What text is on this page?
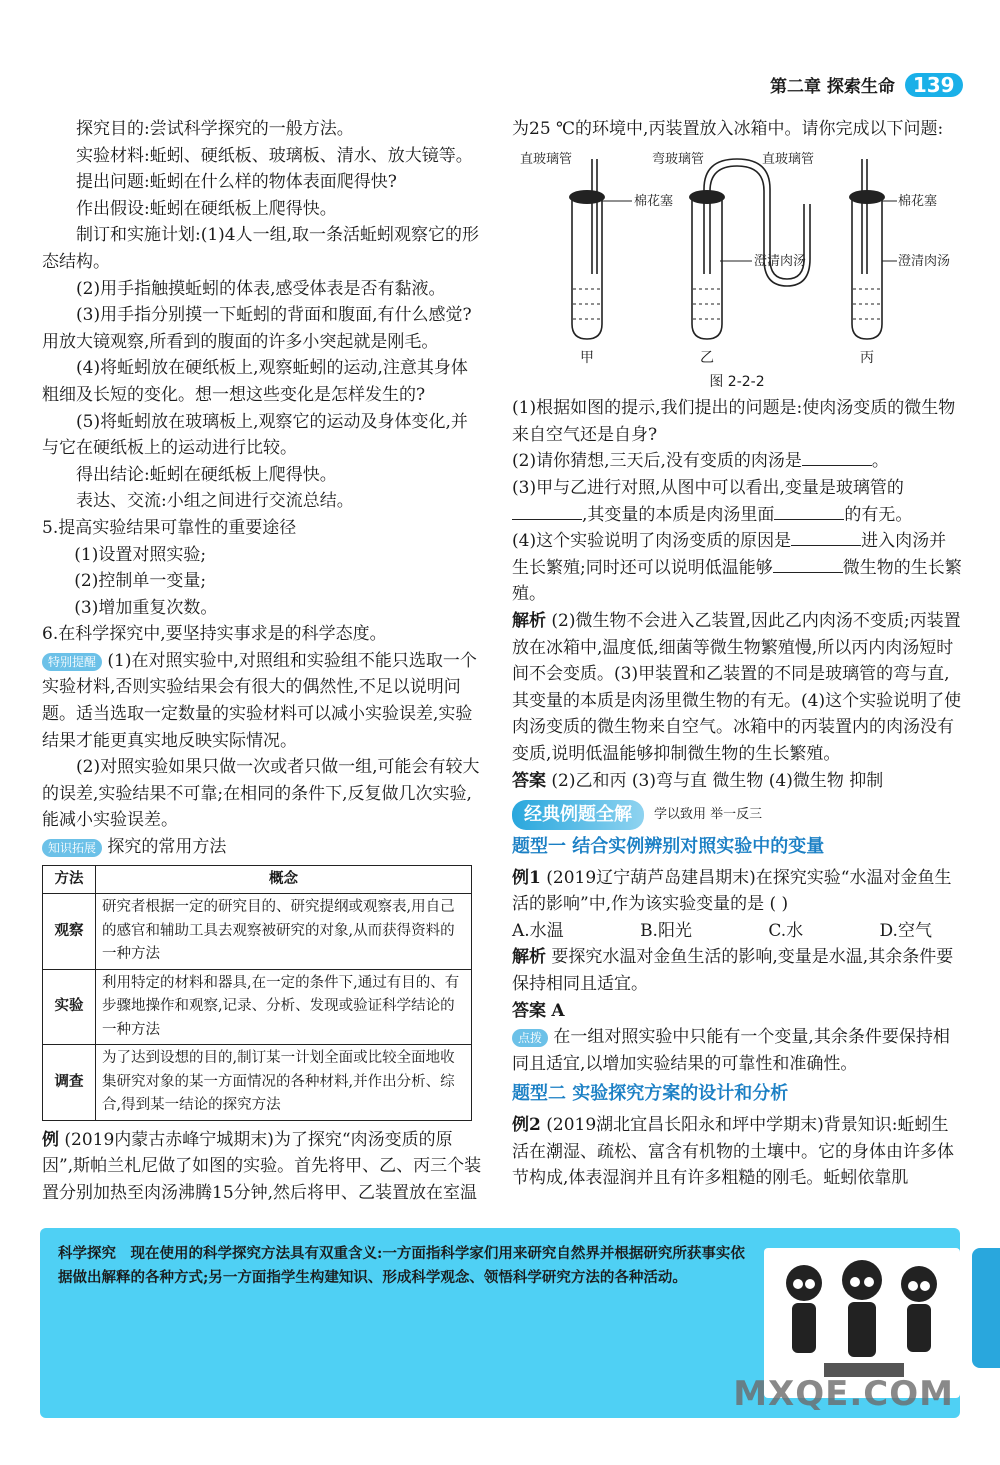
第二章 探索生命 139

探究目的:尝试科学探究的一般方法。

实验材料:蚯蚓、硬纸板、玻璃板、清水、放大镜等。

提出问题:蚯蚓在什么样的物体表面爬得快?

作出假设:蚯蚓在硬纸板上爬得快。

制订和实施计划:(1)4人一组,取一条活蚯蚓观察它的形态结构。

(2)用手指触摸蚯蚓的体表,感受体表是否有黏液。

(3)用手指分别摸一下蚯蚓的背面和腹面,有什么感觉?用放大镜观察,所看到的腹面的许多小突起就是刚毛。

(4)将蚯蚓放在硬纸板上,观察蚯蚓的运动,注意其身体粗细及长短的变化。想一想这些变化是怎样发生的?

(5)将蚯蚓放在玻璃板上,观察它的运动及身体变化,并与它在硬纸板上的运动进行比较。

得出结论:蚯蚓在硬纸板上爬得快。

表达、交流:小组之间进行交流总结。

5.提高实验结果可靠性的重要途径

(1)设置对照实验;

(2)控制单一变量;

(3)增加重复次数。

6.在科学探究中,要坚持实事求是的科学态度。

特别提醒 (1)在对照实验中,对照组和实验组不能只选取一个实验材料,否则实验结果会有很大的偶然性,不足以说明问题。适当选取一定数量的实验材料可以减小实验误差,实验结果才能更真实地反映实际情况。

(2)对照实验如果只做一次或者只做一组,可能会有较大的误差,实验结果不可靠;在相同的条件下,反复做几次实验,能减小实验误差。

知识拓展 探究的常用方法

方法	概念
观察	研究者根据一定的研究目的、研究提纲或观察表,用自己的感官和辅助工具去观察被研究的对象,从而获得资料的一种方法
实验	利用特定的材料和器具,在一定的条件下,通过有目的、有步骤地操作和观察,记录、分析、发现或验证科学结论的一种方法
调查	为了达到设想的目的,制订某一计划全面或比较全面地收集研究对象的某一方面情况的各种材料,并作出分析、综合,得到某一结论的探究方法

例 (2019内蒙古赤峰宁城期末)为了探究“肉汤变质的原因”,斯帕兰札尼做了如图的实验。首先将甲、乙、丙三个装置分别加热至肉汤沸腾15分钟,然后将甲、乙装置放在室温

为25 ℃的环境中,丙装置放入冰箱中。请你完成以下问题:

直玻璃管	弯玻璃管	直玻璃管
棉花塞	棉花塞
澄清肉汤	澄清肉汤
甲	乙	丙

图 2-2-2

(1)根据如图的提示,我们提出的问题是:使肉汤变质的微生物来自空气还是自身?

(2)请你猜想,三天后,没有变质的肉汤是	。

(3)甲与乙进行对照,从图中可以看出,变量是玻璃管的,其变量的本质是肉汤里面	的有无。

(4)这个实验说明了肉汤变质的原因是	进入肉汤并生长繁殖;同时还可以说明低温能够	微生物的生长繁殖。

解析 (2)微生物不会进入乙装置,因此乙内肉汤不变质;丙装置放在冰箱中,温度低,细菌等微生物繁殖慢,所以丙内肉汤短时间不会变质。(3)甲装置和乙装置的不同是玻璃管的弯与直,其变量的本质是肉汤里微生物的有无。(4)这个实验说明了使肉汤变质的微生物来自空气。冰箱中的丙装置内的肉汤没有变质,说明低温能够抑制微生物的生长繁殖。

答案 (2)乙和丙 (3)弯与直 微生物 (4)微生物 抑制

经典例题全解	学以致用 举一反三

题型一 结合实例辨别对照实验中的变量

例1 (2019辽宁葫芦岛建昌期末)在探究实验“水温对金鱼生活的影响”中,作为该实验变量的是 ( )

A.水温	B.阳光	C.水	D.空气

解析 要探究水温对金鱼生活的影响,变量是水温,其余条件要保持相同且适宜。

答案 A

点拨 在一组对照实验中只能有一个变量,其余条件要保持相同且适宜,以增加实验结果的可靠性和准确性。

题型二 实验探究方案的设计和分析

例2 (2019湖北宜昌长阳永和坪中学期末)背景知识:蚯蚓生活在潮湿、疏松、富含有机物的土壤中。它的身体由许多体节构成,体表湿润并且有许多粗糙的刚毛。蚯蚓依靠肌

科学探究　 现在使用的科学探究方法具有双重含义:一方面指科学家们用来研究自然界并根据研究所获事实依据做出解释的各种方式;另一方面指学生构建知识、形成科学观念、领悟科学研究方法的各种活动。
MXQE.COM
